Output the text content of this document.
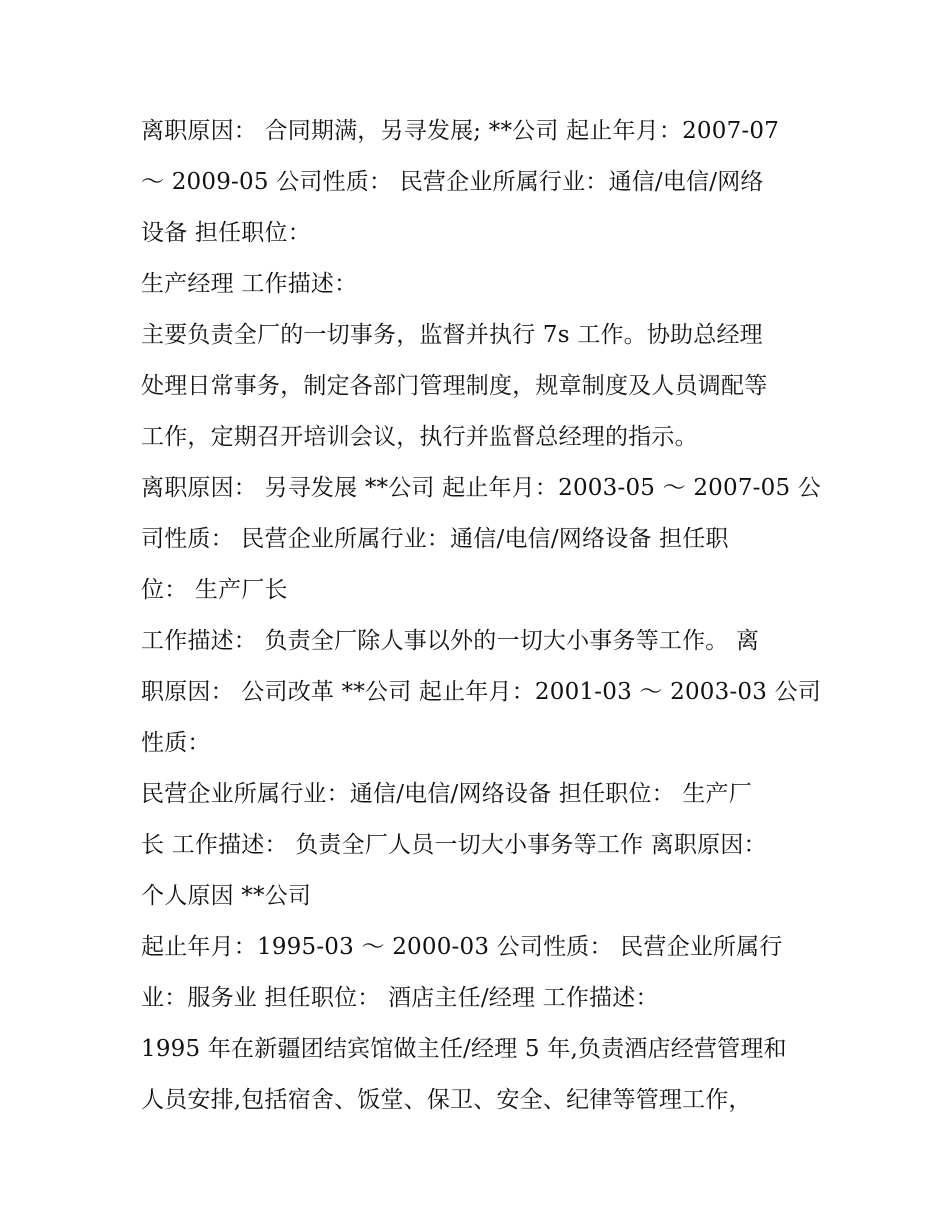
离职原因： 合同期满，另寻发展; **公司 起止年月：2007-07
～ 2009-05 公司性质： 民营企业所属行业：通信/电信/网络
设备 担任职位：
生产经理 工作描述：
主要负责全厂的一切事务，监督并执行 7s 工作。协助总经理
处理日常事务，制定各部门管理制度，规章制度及人员调配等
工作，定期召开培训会议，执行并监督总经理的指示。
离职原因： 另寻发展 **公司 起止年月：2003-05 ～ 2007-05 公
司性质： 民营企业所属行业：通信/电信/网络设备 担任职
位： 生产厂长
工作描述： 负责全厂除人事以外的一切大小事务等工作。 离
职原因： 公司改革 **公司 起止年月：2001-03 ～ 2003-03 公司
性质：
民营企业所属行业：通信/电信/网络设备 担任职位： 生产厂
长 工作描述： 负责全厂人员一切大小事务等工作 离职原因：
个人原因 **公司
起止年月：1995-03 ～ 2000-03 公司性质： 民营企业所属行
业：服务业 担任职位： 酒店主任/经理 工作描述：
1995 年在新疆团结宾馆做主任/经理 5 年,负责酒店经营管理和
人员安排,包括宿舍、饭堂、保卫、安全、纪律等管理工作，
